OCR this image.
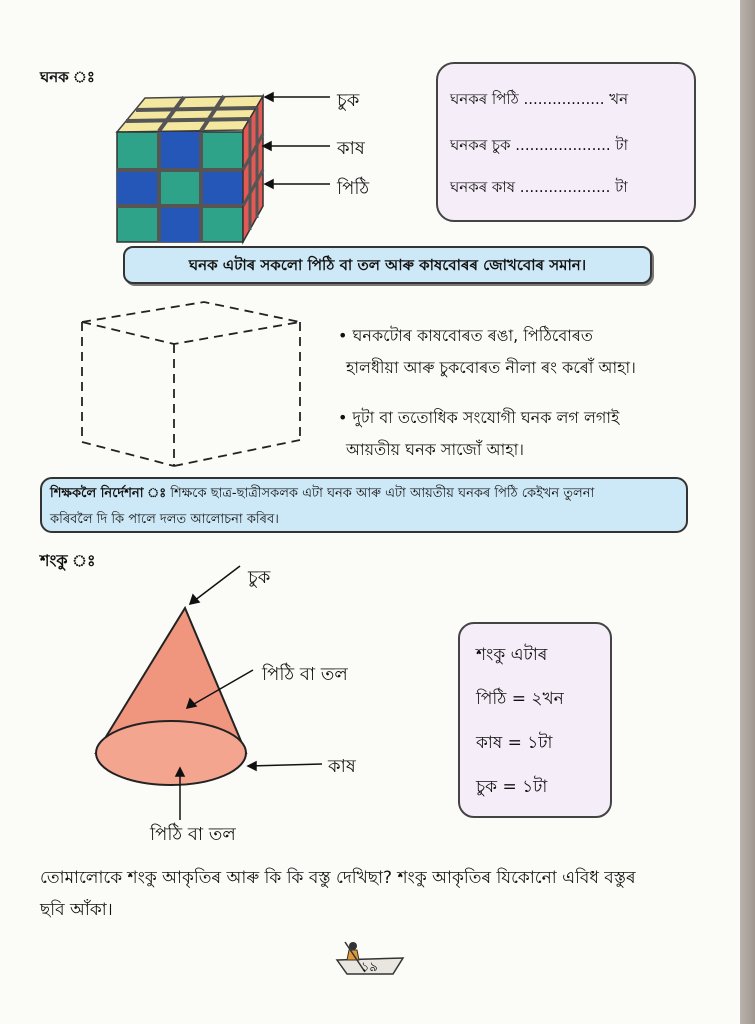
ঘনক ঃ
চুক
কাষ
পিঠি
ঘনকৰ পিঠি ................. খন
ঘনকৰ চুক .................... টা
ঘনকৰ কাষ ................... টা
ঘনক এটাৰ সকলো পিঠি বা তল আৰু কাষবোৰৰ জোখবোৰ সমান।
• ঘনকটোৰ কাষবোৰত ৰঙা, পিঠিবোৰত
হালধীয়া আৰু চুকবোৰত নীলা ৰং কৰোঁ আহা।
• দুটা বা ততোধিক সংযোগী ঘনক লগ লগাই
আয়তীয় ঘনক সাজোঁ আহা।
শিক্ষকলৈ নিৰ্দেশনা ঃ শিক্ষকে ছাত্ৰ-ছাত্ৰীসকলক এটা ঘনক আৰু এটা আয়তীয় ঘনকৰ পিঠি কেইখন তুলনা
কৰিবলৈ দি কি পালে দলত আলোচনা কৰিব।
শংকু ঃ
চুক
পিঠি বা তল
কাষ
পিঠি বা তল
শংকু এটাৰ
পিঠি = ২খন
কাষ = ১টা
চুক = ১টা
তোমালোকে শংকু আকৃতিৰ আৰু কি কি বস্তু দেখিছা? শংকু আকৃতিৰ যিকোনো এবিধ বস্তুৰ
ছবি আঁকা।
১৯
